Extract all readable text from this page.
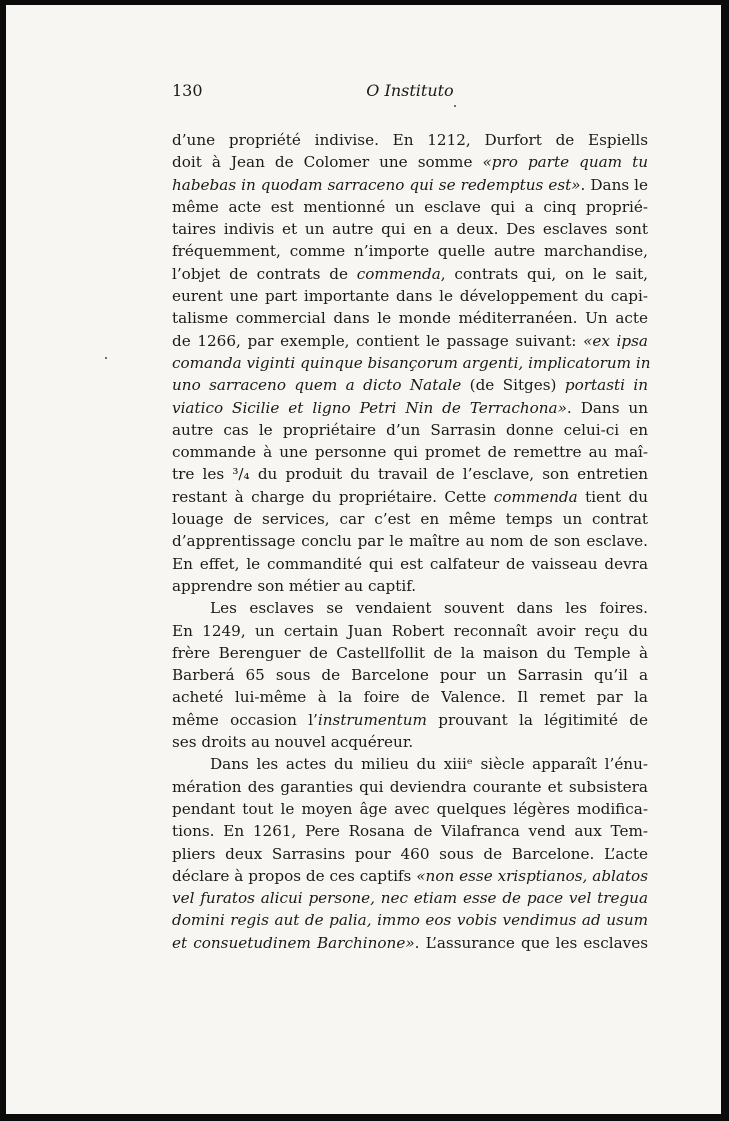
130	O Instituto
d’une propriété indivise. En 1212, Durfort de Espiells
doit à Jean de Colomer une somme «pro parte quam tu
habebas in quodam sarraceno qui se redemptus est». Dans le
même acte est mentionné un esclave qui a cinq proprié-
taires indivis et un autre qui en a deux. Des esclaves sont
fréquemment, comme n’importe quelle autre marchandise,
l’objet de contrats de commenda, contrats qui, on le sait,
eurent une part importante dans le développement du capi-
talisme commercial dans le monde méditerranéen. Un acte
de 1266, par exemple, contient le passage suivant: «ex ipsa
comanda viginti quinque bisançorum argenti, implicatorum in
uno sarraceno quem a dicto Natale (de Sitges) portasti in
viatico Sicilie et ligno Petri Nin de Terrachona». Dans un
autre cas le propriétaire d’un Sarrasin donne celui-ci en
commande à une personne qui promet de remettre au maî-
tre les ³/₄ du produit du travail de l’esclave, son entretien
restant à charge du propriétaire. Cette commenda tient du
louage de services, car c’est en même temps un contrat
d’apprentissage conclu par le maître au nom de son esclave.
En effet, le commandité qui est calfateur de vaisseau devra
apprendre son métier au captif.
Les esclaves se vendaient souvent dans les foires.
En 1249, un certain Juan Robert reconnaît avoir reçu du
frère Berenguer de Castellfollit de la maison du Temple à
Barberá 65 sous de Barcelone pour un Sarrasin qu’il a
acheté lui-même à la foire de Valence. Il remet par la
même occasion l’instrumentum prouvant la légitimité de
ses droits au nouvel acquéreur.
Dans les actes du milieu du xiiiᵉ siècle apparaît l’énu-
mération des garanties qui deviendra courante et subsistera
pendant tout le moyen âge avec quelques légères modifica-
tions. En 1261, Pere Rosana de Vilafranca vend aux Tem-
pliers deux Sarrasins pour 460 sous de Barcelone. L’acte
déclare à propos de ces captifs «non esse xrisptianos, ablatos
vel furatos alicui persone, nec etiam esse de pace vel tregua
domini regis aut de palia, immo eos vobis vendimus ad usum
et consuetudinem Barchinone». L’assurance que les esclaves
